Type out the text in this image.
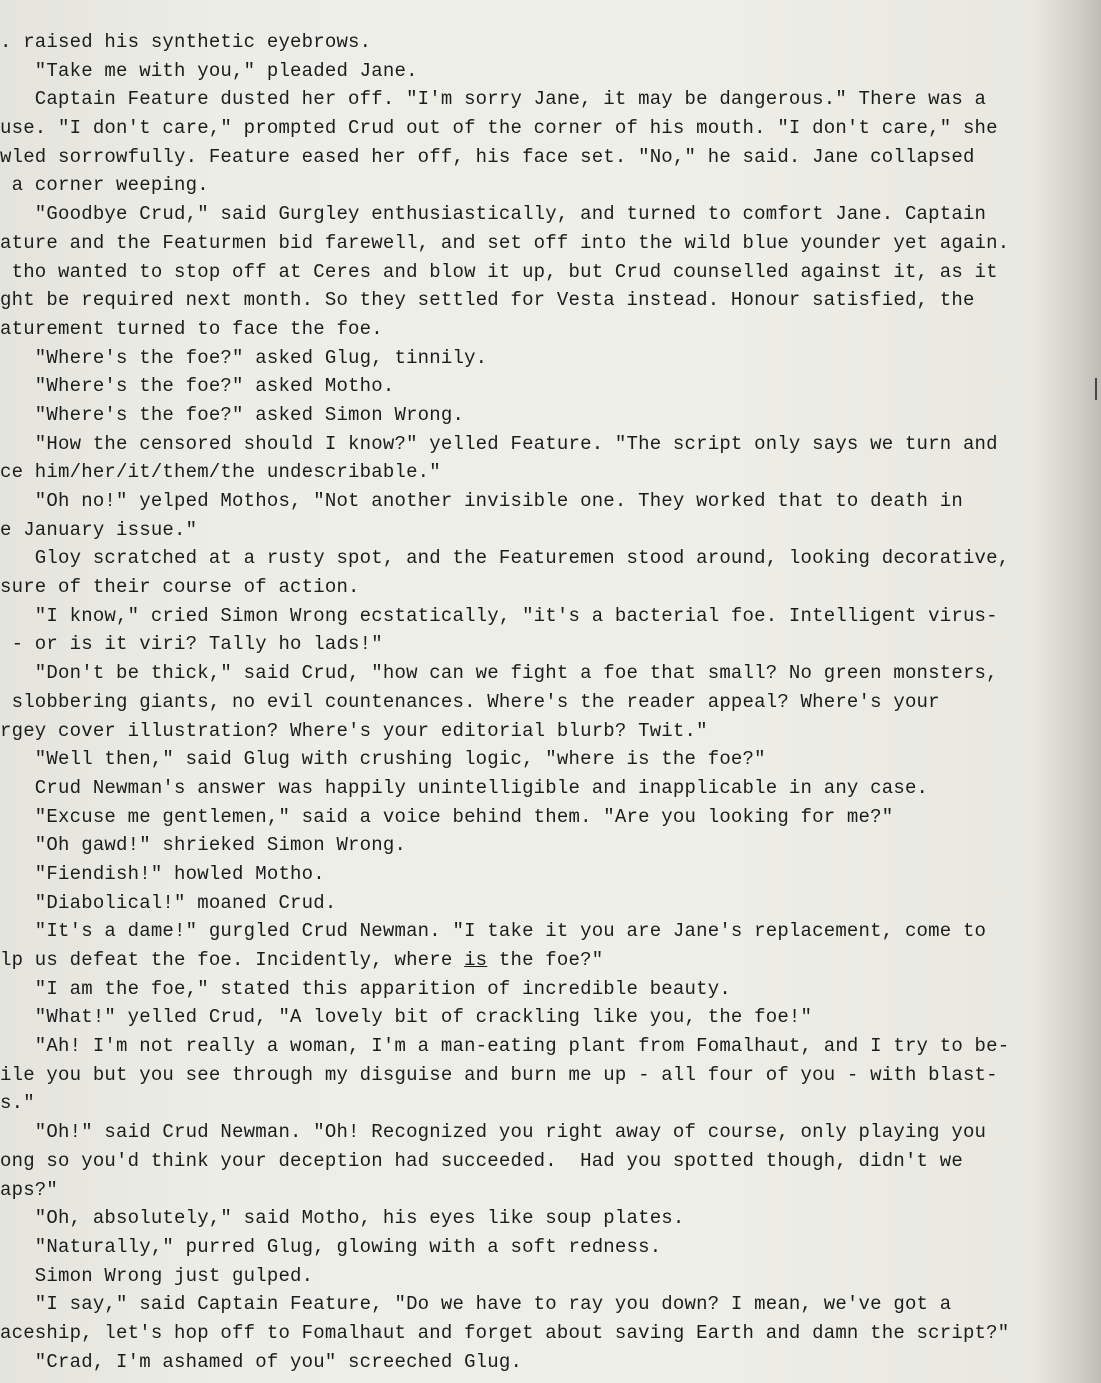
. raised his synthetic eyebrows.
"Take me with you," pleaded Jane.
Captain Feature dusted her off. "I'm sorry Jane, it may be dangerous." There was a
use. "I don't care," prompted Crud out of the corner of his mouth. "I don't care," she
wled sorrowfully. Feature eased her off, his face set. "No," he said. Jane collapsed
a corner weeping.
"Goodbye Crud," said Gurgley enthusiastically, and turned to comfort Jane. Captain
ature and the Featurmen bid farewell, and set off into the wild blue younder yet again.
tho wanted to stop off at Ceres and blow it up, but Crud counselled against it, as it
ght be required next month. So they settled for Vesta instead. Honour satisfied, the
aturement turned to face the foe.
"Where's the foe?" asked Glug, tinnily.
"Where's the foe?" asked Motho.
"Where's the foe?" asked Simon Wrong.
"How the censored should I know?" yelled Feature. "The script only says we turn and
ce him/her/it/them/the undescribable."
"Oh no!" yelped Mothos, "Not another invisible one. They worked that to death in
e January issue."
Gloy scratched at a rusty spot, and the Featuremen stood around, looking decorative,
sure of their course of action.
"I know," cried Simon Wrong ecstatically, "it's a bacterial foe. Intelligent virus-
- or is it viri? Tally ho lads!"
"Don't be thick," said Crud, "how can we fight a foe that small? No green monsters,
slobbering giants, no evil countenances. Where's the reader appeal? Where's your
rgey cover illustration? Where's your editorial blurb? Twit."
"Well then," said Glug with crushing logic, "where is the foe?"
Crud Newman's answer was happily unintelligible and inapplicable in any case.
"Excuse me gentlemen," said a voice behind them. "Are you looking for me?"
"Oh gawd!" shrieked Simon Wrong.
"Fiendish!" howled Motho.
"Diabolical!" moaned Crud.
"It's a dame!" gurgled Crud Newman. "I take it you are Jane's replacement, come to
lp us defeat the foe. Incidently, where is the foe?"
"I am the foe," stated this apparition of incredible beauty.
"What!" yelled Crud, "A lovely bit of crackling like you, the foe!"
"Ah! I'm not really a woman, I'm a man-eating plant from Fomalhaut, and I try to be-
ile you but you see through my disguise and burn me up - all four of you - with blast-
s."
"Oh!" said Crud Newman. "Oh! Recognized you right away of course, only playing you
ong so you'd think your deception had succeeded.  Had you spotted though, didn't we
aps?"
"Oh, absolutely," said Motho, his eyes like soup plates.
"Naturally," purred Glug, glowing with a soft redness.
Simon Wrong just gulped.
"I say," said Captain Feature, "Do we have to ray you down? I mean, we've got a
aceship, let's hop off to Fomalhaut and forget about saving Earth and damn the script?"
"Crad, I'm ashamed of you" screeched Glug.
